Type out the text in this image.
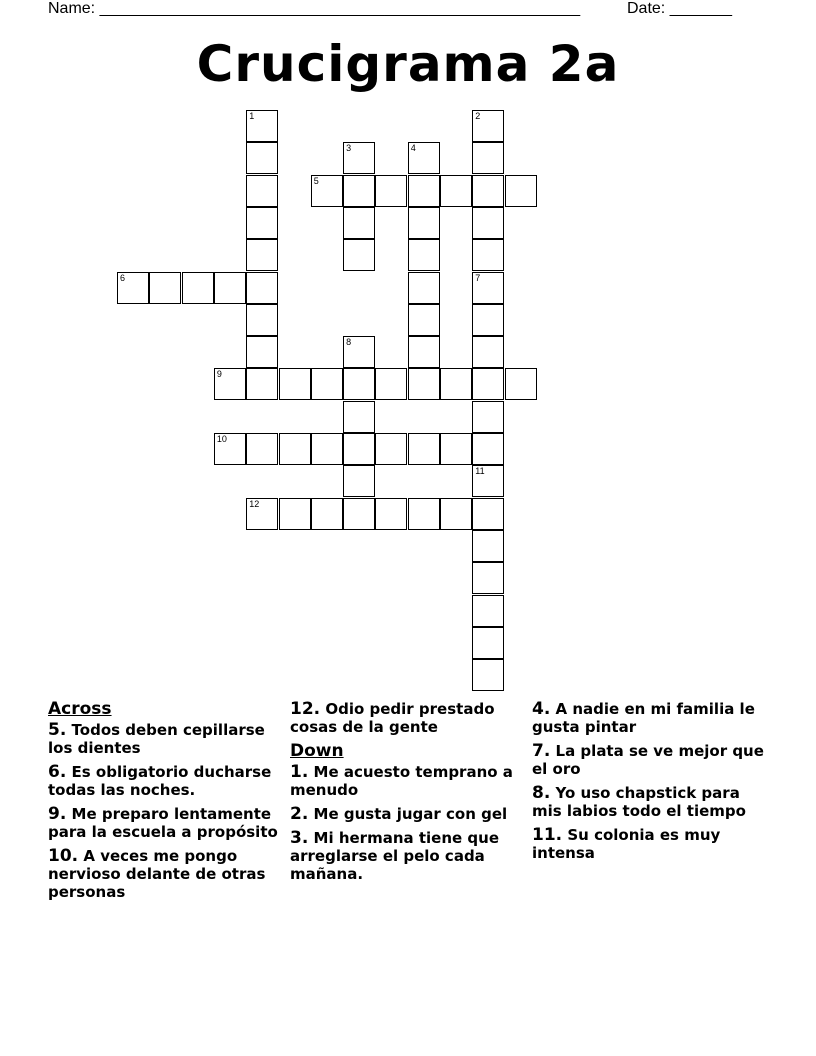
Name: ______________________________________________________	Date: _______
Crucigrama 2a
1	2
3	4
5
6	7
8
9
10
11
12
Across
5. Todos deben cepillarse los dientes
6. Es obligatorio ducharse todas las noches.
9. Me preparo lentamente para la escuela a propósito
10. A veces me pongo nervioso delante de otras personas
12. Odio pedir prestado cosas de la gente
Down
1. Me acuesto temprano a menudo
2. Me gusta jugar con gel
3. Mi hermana tiene que arreglarse el pelo cada mañana.
4. A nadie en mi familia le gusta pintar
7. La plata se ve mejor que el oro
8. Yo uso chapstick para mis labios todo el tiempo
11. Su colonia es muy intensa
